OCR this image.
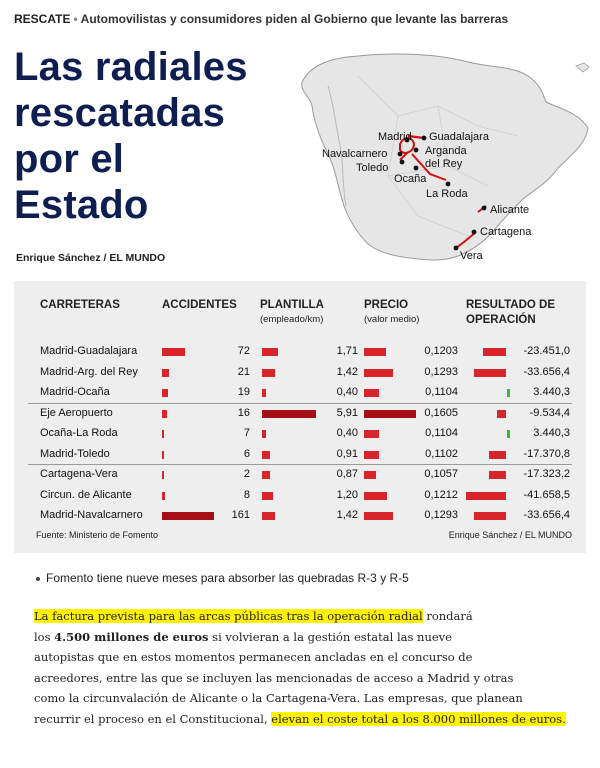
RESCATE • Automovilistas y consumidores piden al Gobierno que levante las barreras
Las radiales
rescatadas
por el
Estado
Enrique Sánchez / EL MUNDO
Madrid Guadalajara
Arganda
del Rey
Navalcarnero
Toledo
Ocaña
La Roda
Alicante
Cartagena
Vera
CARRETERAS	ACCIDENTES PLANTILLA
(empleado/km)
PRECIO
(valor medio)
RESULTADO DE
OPERACIÓN
Madrid-Guadalajara	72	1,71	0,1203	-23.451,0
Madrid-Arg. del Rey	21	1,42	0,1293	-33.656,4
Madrid-Ocaña	19	0,40	0,1104	3.440,3
Eje Aeropuerto	16	5,91	0,1605	-9.534,4
Ocaña-La Roda	7	0,40	0,1104	3.440,3
Madrid-Toledo	6	0,91	0,1102	-17.370,8
Cartagena-Vera	2	0,87	0,1057	-17.323,2
Circun. de Alicante	8	1,20	0,1212	-41.658,5
Madrid-Navalcarnero	161	1,42	0,1293	-33.656,4
Fuente: Ministerio de Fomento	Enrique Sánchez / EL MUNDO
Fomento tiene nueve meses para absorber las quebradas R-3 y R-5
La factura prevista para las arcas públicas tras la operación radial rondará
los 4.500 millones de euros si volvieran a la gestión estatal las nueve
autopistas que en estos momentos permanecen ancladas en el concurso de
acreedores, entre las que se incluyen las mencionadas de acceso a Madrid y otras
como la circunvalación de Alicante o la Cartagena-Vera. Las empresas, que planean
recurrir el proceso en el Constitucional, elevan el coste total a los 8.000 millones de euros.
